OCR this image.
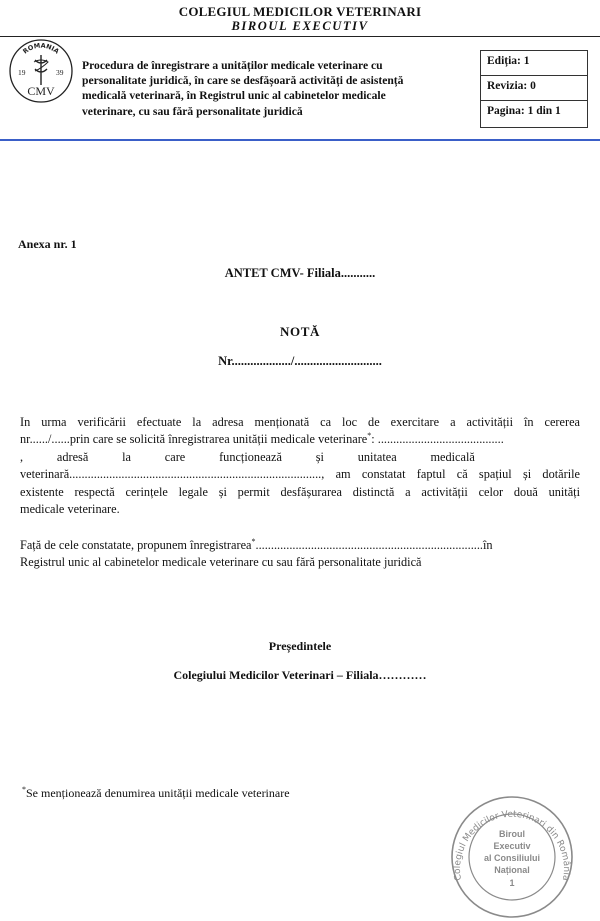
COLEGIUL MEDICILOR VETERINARI
BIROUL EXECUTIV
ROMANIA
19	39
CMV
Procedura de înregistrare a unităților medicale veterinare cu
personalitate juridică, în care se desfășoară activități de asistență
medicală veterinară, în Registrul unic al cabinetelor medicale
veterinare, cu sau fără personalitate juridică
Ediția: 1
Revizia: 0
Pagina: 1 din 1
Anexa nr. 1
ANTET CMV- Filiala...........
NOTĂ
Nr.................../............................
In urma verificării efectuate la adresa menționată ca loc de exercitare a activității în cererea
nr....../......prin care se solicită înregistrarea unității medicale veterinare*: .........................................
,           adresă           la           care           funcționează           și           unitatea           medicală
veterinară.................................................................................., am constatat faptul că spațiul și dotările
existente respectă cerințele legale și permit desfășurarea distinctă a activității celor două unități
medicale veterinare.
Față de cele constatate, propunem înregistrarea*..........................................................................în
Registrul unic al cabinetelor medicale veterinare cu sau fără personalitate juridică
Președintele
Colegiului Medicilor Veterinari – Filiala…………
*Se menționează denumirea unității medicale veterinare
Colegiul Medicilor Veterinari din România
Biroul
Executiv
al Consiliului
Național
1
